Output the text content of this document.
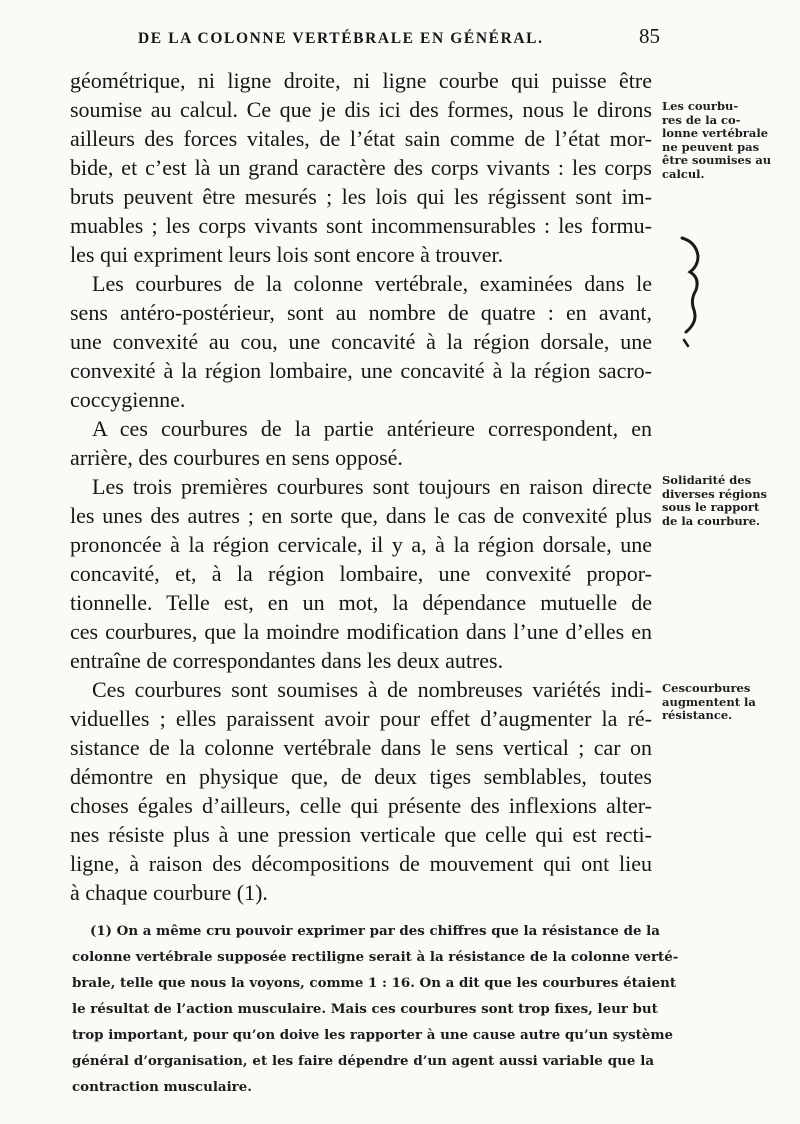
DE LA COLONNE VERTÉBRALE EN GÉNÉRAL.	85
géométrique, ni ligne droite, ni ligne courbe qui puisse être
soumise au calcul. Ce que je dis ici des formes, nous le dirons
ailleurs des forces vitales, de l’état sain comme de l’état mor-
bide, et c’est là un grand caractère des corps vivants : les corps
bruts peuvent être mesurés ; les lois qui les régissent sont im-
muables ; les corps vivants sont incommensurables : les formu-
les qui expriment leurs lois sont encore à trouver.
Les courbures de la colonne vertébrale, examinées dans le
sens antéro-postérieur, sont au nombre de quatre : en avant,
une convexité au cou, une concavité à la région dorsale, une
convexité à la région lombaire, une concavité à la région sacro-
coccygienne.
A ces courbures de la partie antérieure correspondent, en
arrière, des courbures en sens opposé.
Les trois premières courbures sont toujours en raison directe
les unes des autres ; en sorte que, dans le cas de convexité plus
prononcée à la région cervicale, il y a, à la région dorsale, une
concavité, et, à la région lombaire, une convexité propor-
tionnelle. Telle est, en un mot, la dépendance mutuelle de
ces courbures, que la moindre modification dans l’une d’elles en
entraîne de correspondantes dans les deux autres.
Ces courbures sont soumises à de nombreuses variétés indi-
viduelles ; elles paraissent avoir pour effet d’augmenter la ré-
sistance de la colonne vertébrale dans le sens vertical ; car on
démontre en physique que, de deux tiges semblables, toutes
choses égales d’ailleurs, celle qui présente des inflexions alter-
nes résiste plus à une pression verticale que celle qui est recti-
ligne, à raison des décompositions de mouvement qui ont lieu
à chaque courbure (1).
Les courbu-
res de la co-
lonne vertébrale
ne peuvent pas
être soumises au
calcul.
Solidarité des
diverses régions
sous le rapport
de la courbure.
Cescourbures
augmentent la
résistance.
(1) On a même cru pouvoir exprimer par des chiffres que la résistance de la
colonne vertébrale supposée rectiligne serait à la résistance de la colonne verté-
brale, telle que nous la voyons, comme 1 : 16. On a dit que les courbures étaient
le résultat de l’action musculaire. Mais ces courbures sont trop fixes, leur but
trop important, pour qu’on doive les rapporter à une cause autre qu’un système
général d’organisation, et les faire dépendre d’un agent aussi variable que la
contraction musculaire.
